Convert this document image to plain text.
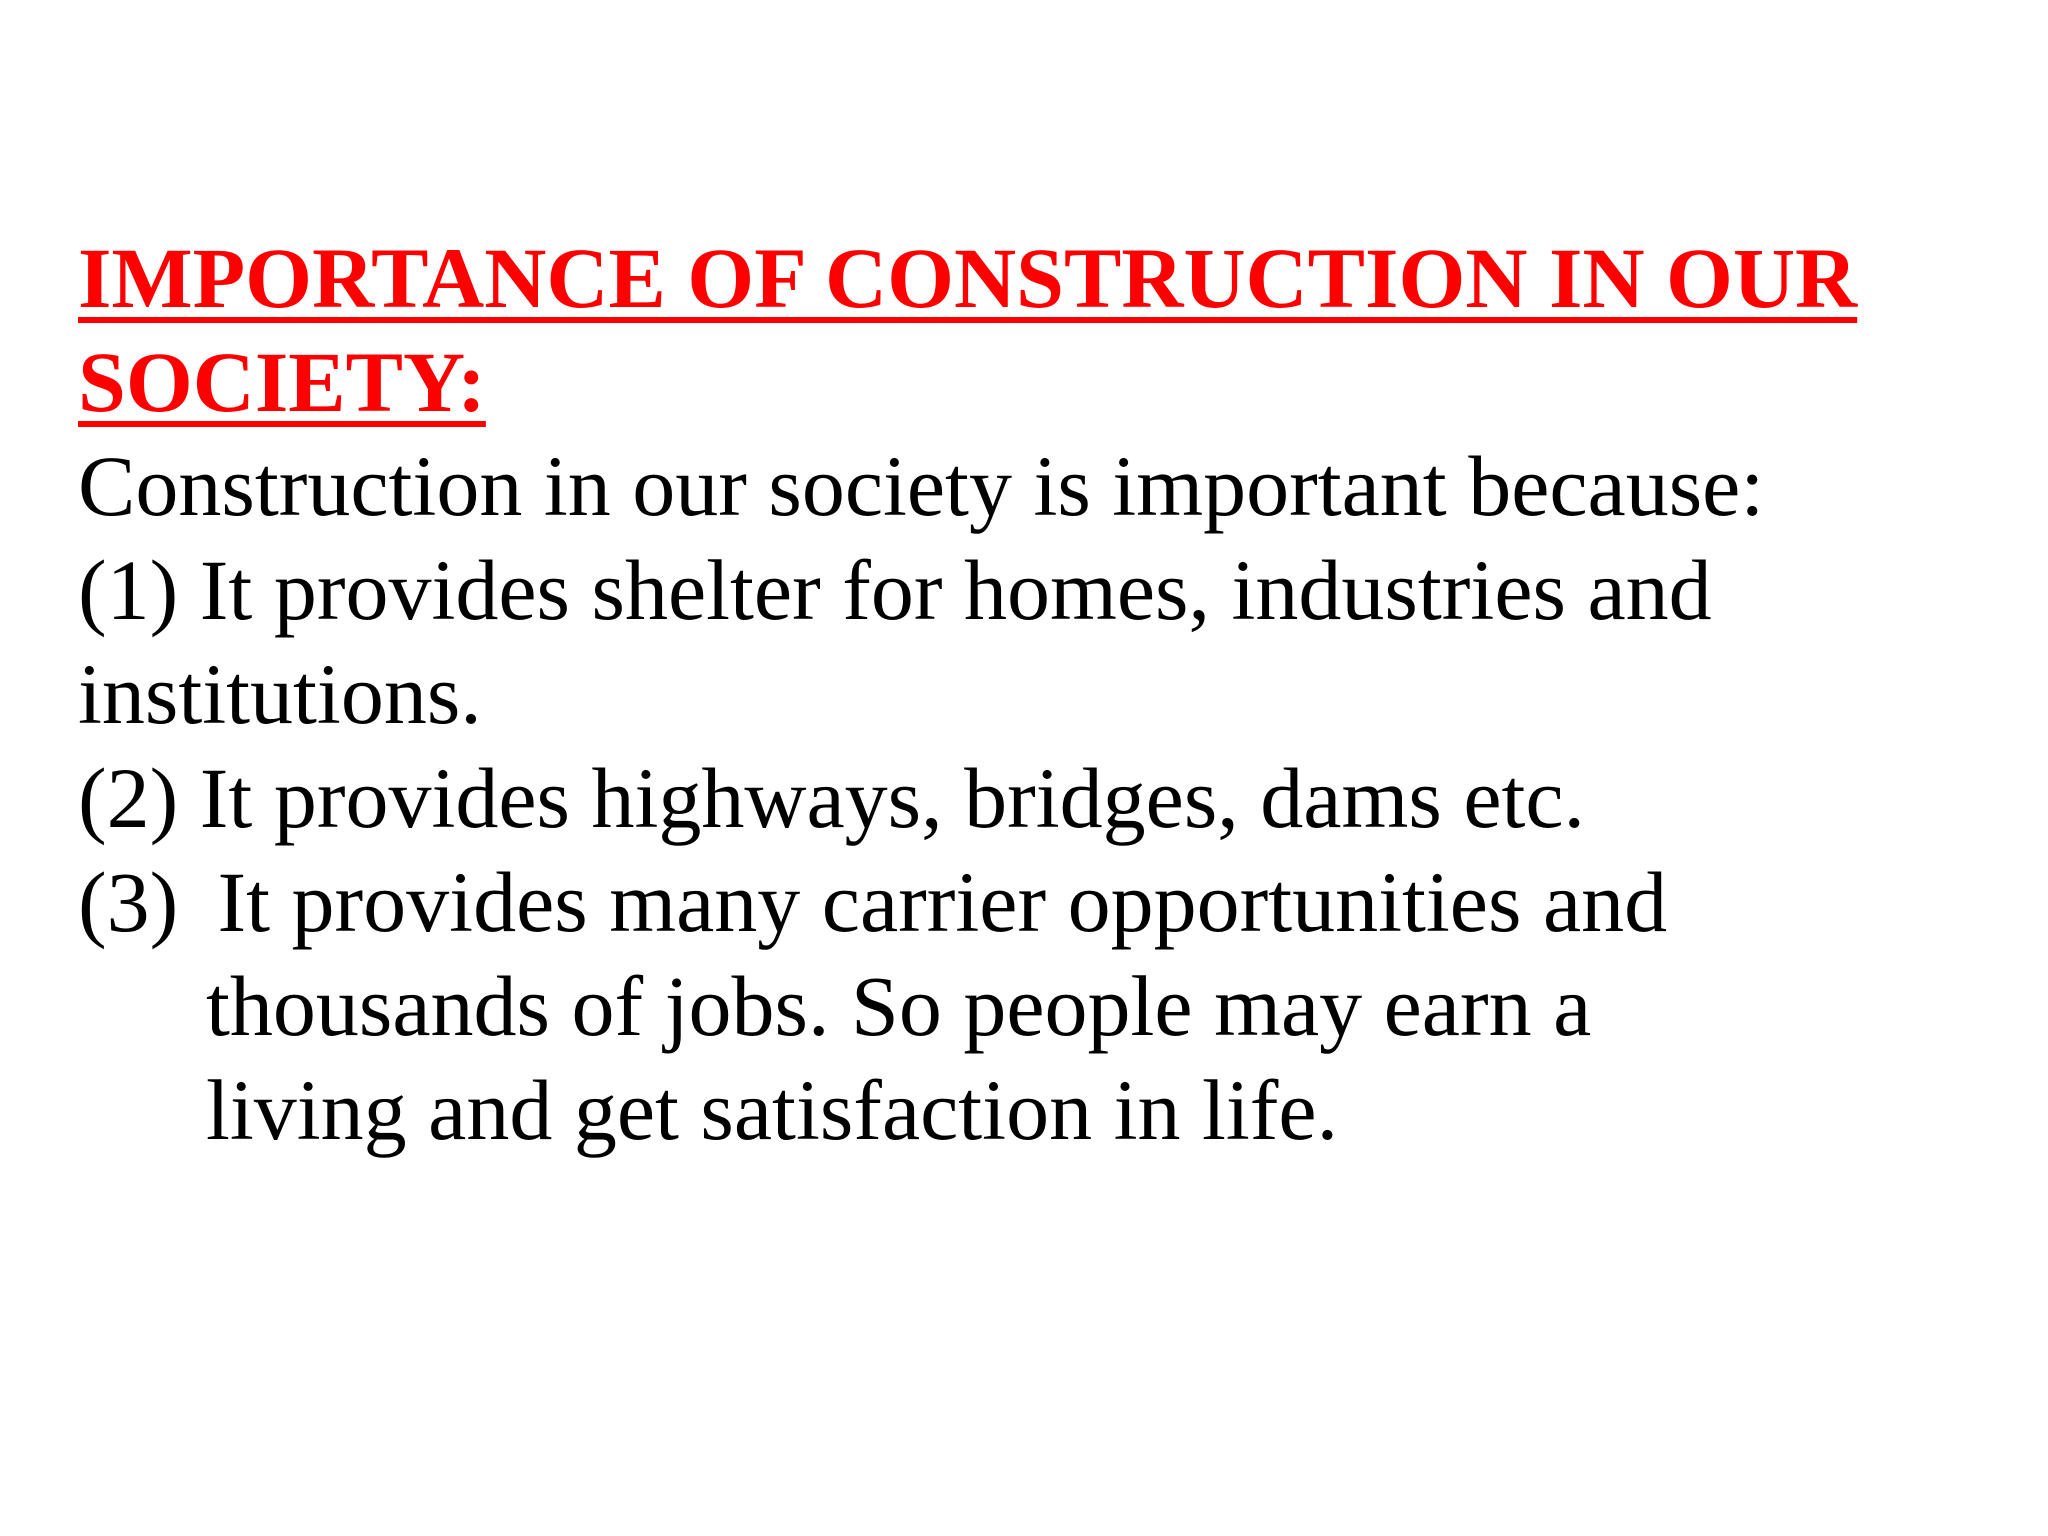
IMPORTANCE OF CONSTRUCTION IN OUR SOCIETY:

Construction in our society is important because:

(1) It provides shelter for homes, industries and institutions.

(2) It provides highways, bridges, dams etc.

(3) It provides many carrier opportunities and thousands of jobs. So people may earn a living and get satisfaction in life.
